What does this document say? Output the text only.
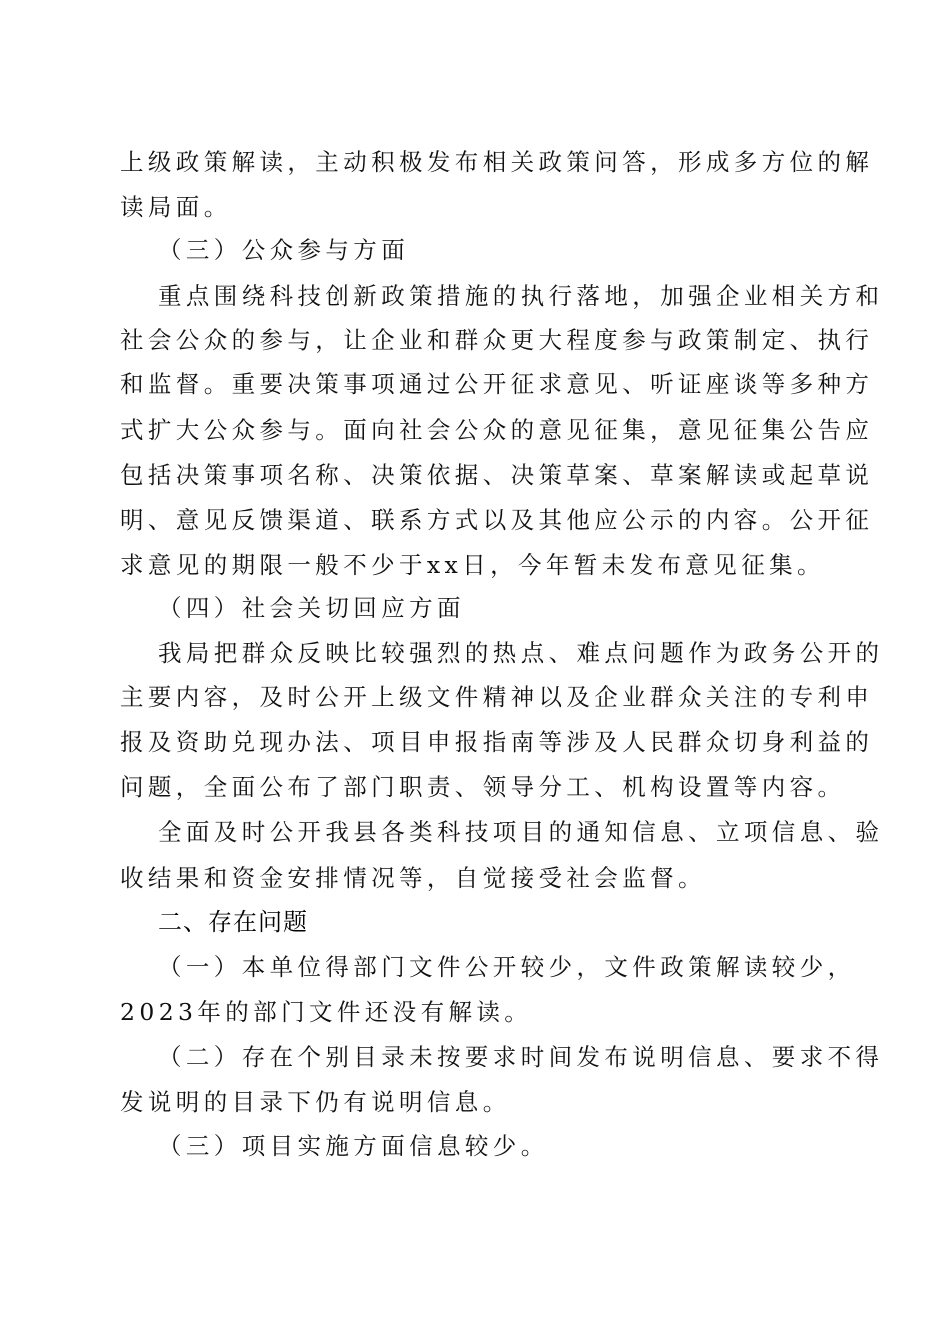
上级政策解读，主动积极发布相关政策问答，形成多方位的解
读局面。
（三）公众参与方面
重点围绕科技创新政策措施的执行落地，加强企业相关方和
社会公众的参与，让企业和群众更大程度参与政策制定、执行
和监督。重要决策事项通过公开征求意见、听证座谈等多种方
式扩大公众参与。面向社会公众的意见征集，意见征集公告应
包括决策事项名称、决策依据、决策草案、草案解读或起草说
明、意见反馈渠道、联系方式以及其他应公示的内容。公开征
求意见的期限一般不少于xx日，今年暂未发布意见征集。
（四）社会关切回应方面
我局把群众反映比较强烈的热点、难点问题作为政务公开的
主要内容，及时公开上级文件精神以及企业群众关注的专利申
报及资助兑现办法、项目申报指南等涉及人民群众切身利益的
问题，全面公布了部门职责、领导分工、机构设置等内容。
全面及时公开我县各类科技项目的通知信息、立项信息、验
收结果和资金安排情况等，自觉接受社会监督。
二、存在问题
（一）本单位得部门文件公开较少，文件政策解读较少，
2023年的部门文件还没有解读。
（二）存在个别目录未按要求时间发布说明信息、要求不得
发说明的目录下仍有说明信息。
（三）项目实施方面信息较少。
